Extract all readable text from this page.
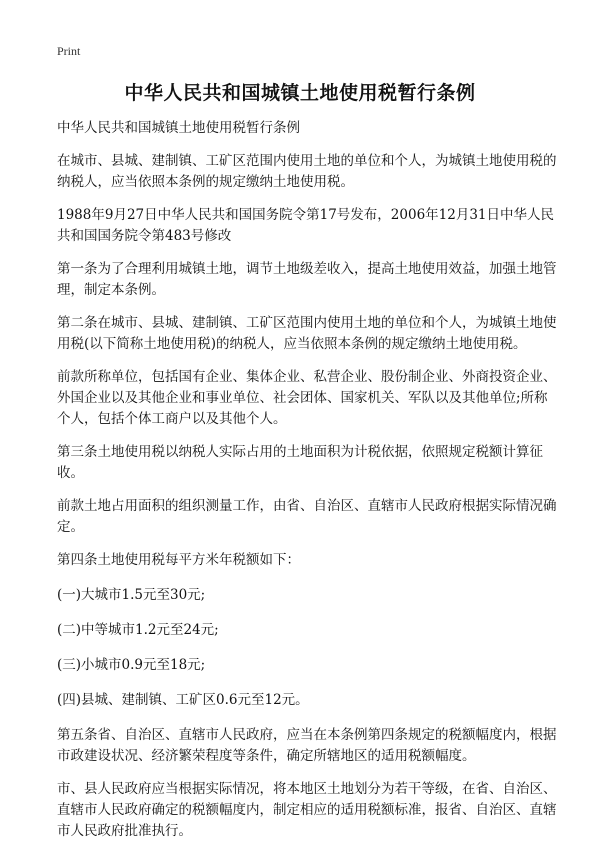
Print
中华人民共和国城镇土地使用税暂行条例

中华人民共和国城镇土地使用税暂行条例

在城市、县城、建制镇、工矿区范围内使用土地的单位和个人，为城镇土地使用税的纳税人，应当依照本条例的规定缴纳土地使用税。

1988年9月27日中华人民共和国国务院令第17号发布，2006年12月31日中华人民共和国国务院令第483号修改

第一条为了合理利用城镇土地，调节土地级差收入，提高土地使用效益，加强土地管理，制定本条例。

第二条在城市、县城、建制镇、工矿区范围内使用土地的单位和个人，为城镇土地使用税(以下简称土地使用税)的纳税人，应当依照本条例的规定缴纳土地使用税。

前款所称单位，包括国有企业、集体企业、私营企业、股份制企业、外商投资企业、外国企业以及其他企业和事业单位、社会团体、国家机关、军队以及其他单位;所称个人，包括个体工商户以及其他个人。

第三条土地使用税以纳税人实际占用的土地面积为计税依据，依照规定税额计算征收。

前款土地占用面积的组织测量工作，由省、自治区、直辖市人民政府根据实际情况确定。

第四条土地使用税每平方米年税额如下：

(一)大城市1.5元至30元;

(二)中等城市1.2元至24元;

(三)小城市0.9元至18元;

(四)县城、建制镇、工矿区0.6元至12元。

第五条省、自治区、直辖市人民政府，应当在本条例第四条规定的税额幅度内，根据市政建设状况、经济繁荣程度等条件，确定所辖地区的适用税额幅度。

市、县人民政府应当根据实际情况，将本地区土地划分为若干等级，在省、自治区、直辖市人民政府确定的税额幅度内，制定相应的适用税额标准，报省、自治区、直辖市人民政府批准执行。
